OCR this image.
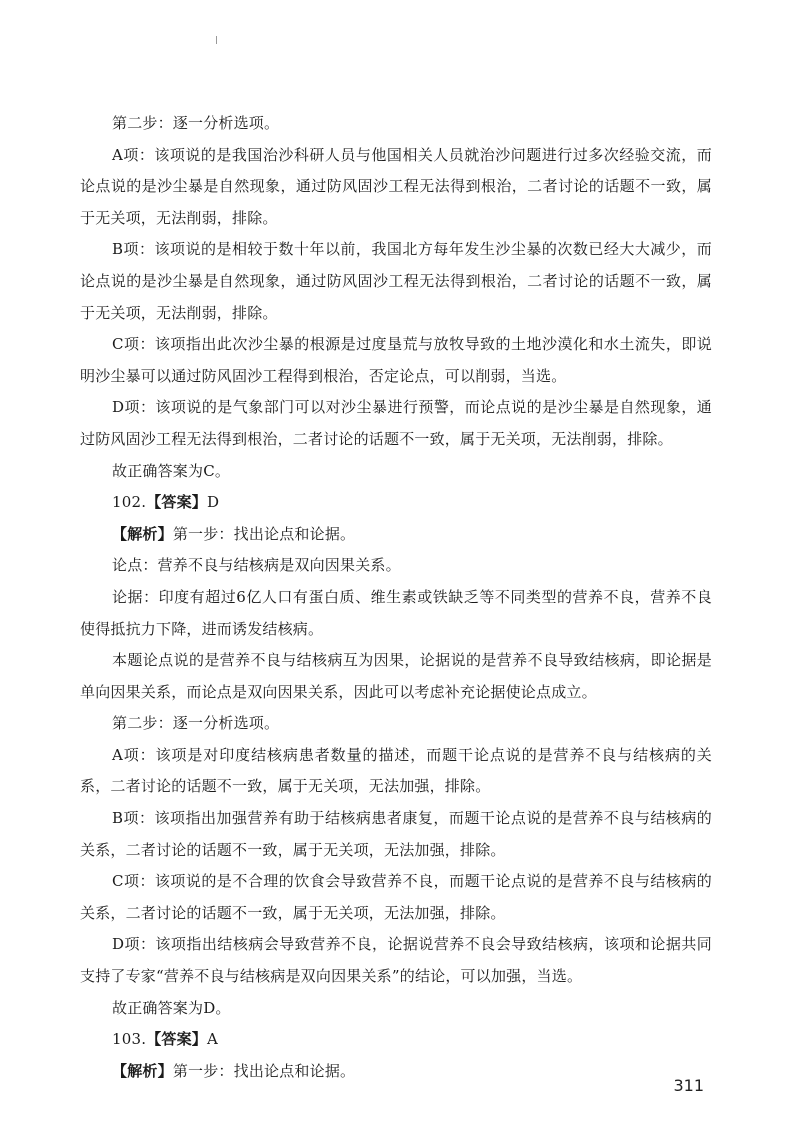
第二步：逐一分析选项。

A项：该项说的是我国治沙科研人员与他国相关人员就治沙问题进行过多次经验交流，而论点说的是沙尘暴是自然现象，通过防风固沙工程无法得到根治，二者讨论的话题不一致，属于无关项，无法削弱，排除。

B项：该项说的是相较于数十年以前，我国北方每年发生沙尘暴的次数已经大大减少，而论点说的是沙尘暴是自然现象，通过防风固沙工程无法得到根治，二者讨论的话题不一致，属于无关项，无法削弱，排除。

C项：该项指出此次沙尘暴的根源是过度垦荒与放牧导致的土地沙漠化和水土流失，即说明沙尘暴可以通过防风固沙工程得到根治，否定论点，可以削弱，当选。

D项：该项说的是气象部门可以对沙尘暴进行预警，而论点说的是沙尘暴是自然现象，通过防风固沙工程无法得到根治，二者讨论的话题不一致，属于无关项，无法削弱，排除。

故正确答案为C。

102.【答案】D

【解析】第一步：找出论点和论据。

论点：营养不良与结核病是双向因果关系。

论据：印度有超过6亿人口有蛋白质、维生素或铁缺乏等不同类型的营养不良，营养不良使得抵抗力下降，进而诱发结核病。

本题论点说的是营养不良与结核病互为因果，论据说的是营养不良导致结核病，即论据是单向因果关系，而论点是双向因果关系，因此可以考虑补充论据使论点成立。

第二步：逐一分析选项。

A项：该项是对印度结核病患者数量的描述，而题干论点说的是营养不良与结核病的关系，二者讨论的话题不一致，属于无关项，无法加强，排除。

B项：该项指出加强营养有助于结核病患者康复，而题干论点说的是营养不良与结核病的关系，二者讨论的话题不一致，属于无关项，无法加强，排除。

C项：该项说的是不合理的饮食会导致营养不良，而题干论点说的是营养不良与结核病的关系，二者讨论的话题不一致，属于无关项，无法加强，排除。

D项：该项指出结核病会导致营养不良，论据说营养不良会导致结核病，该项和论据共同支持了专家“营养不良与结核病是双向因果关系”的结论，可以加强，当选。

故正确答案为D。

103.【答案】A

【解析】第一步：找出论点和论据。

311
